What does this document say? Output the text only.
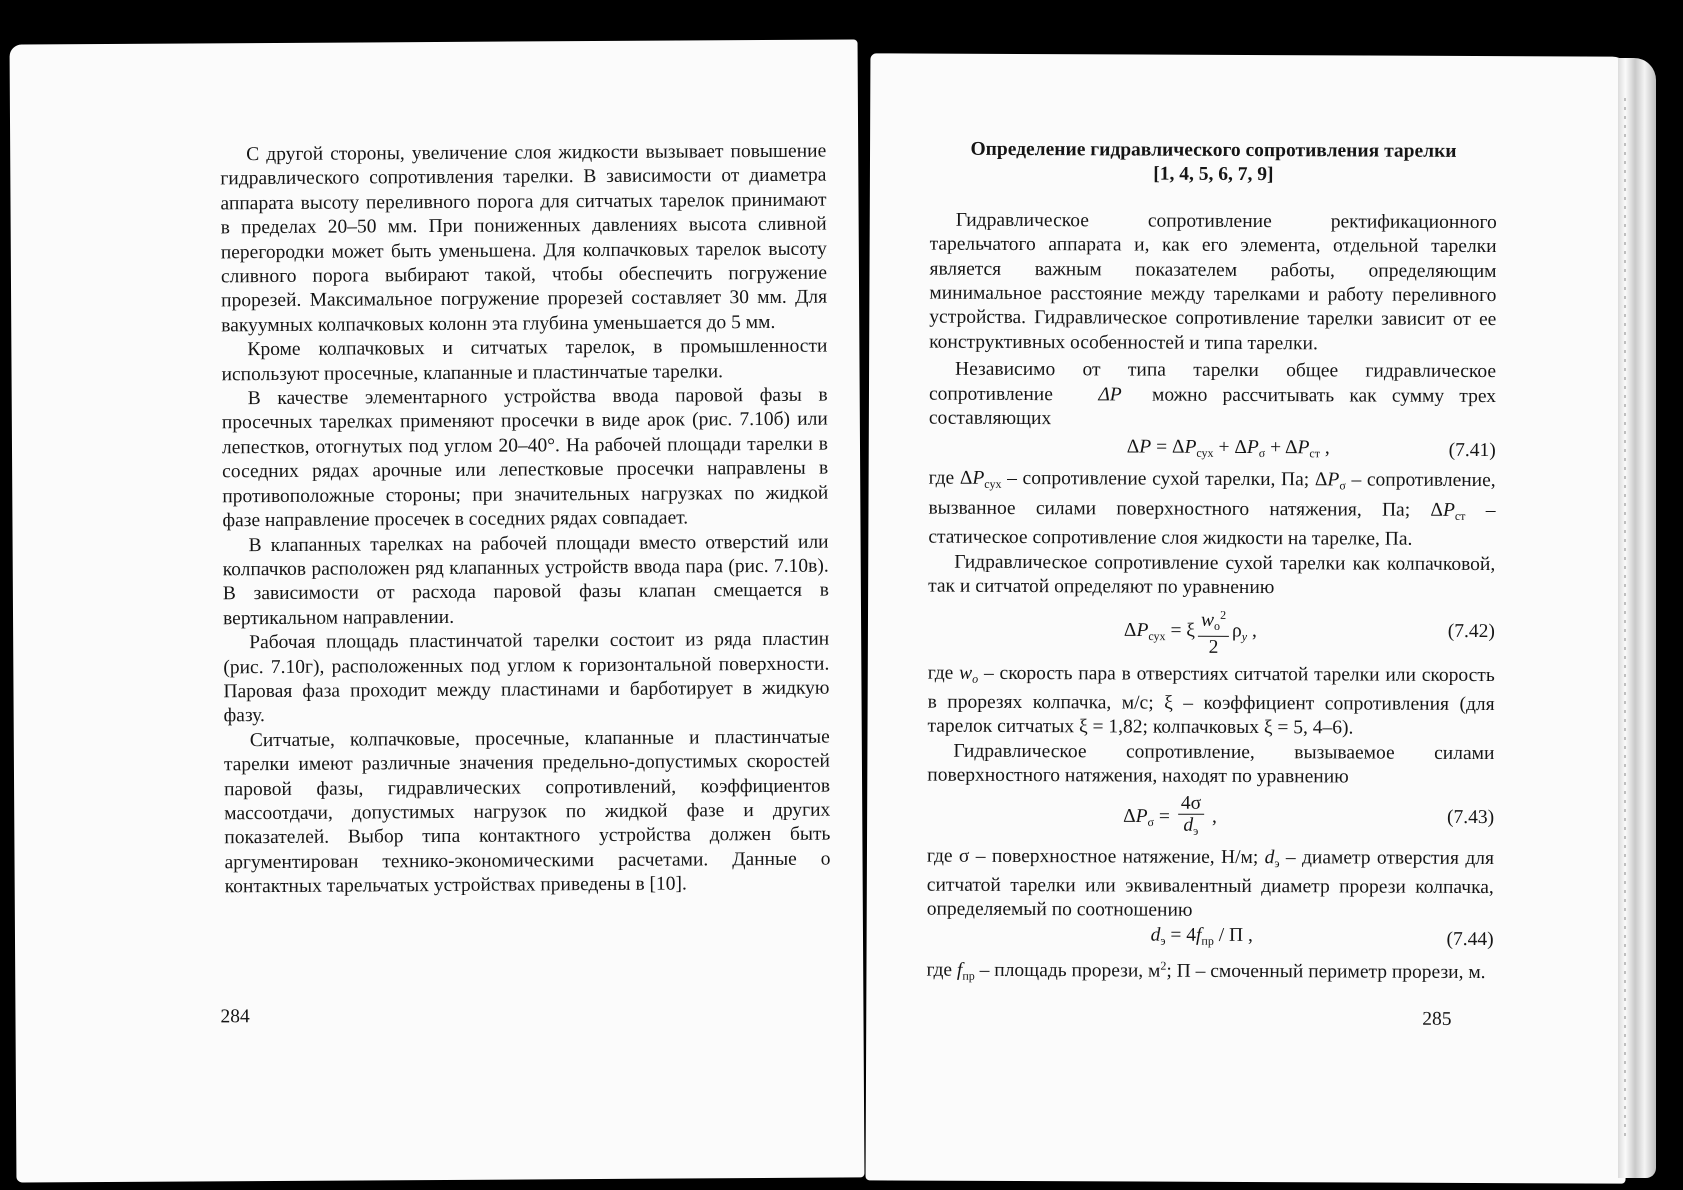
С другой стороны, увеличение слоя жидкости вызывает повышение гидравлического сопротивления тарелки. В зависимости от диаметра аппарата высоту переливного порога для ситчатых тарелок принимают в пределах 20–50 мм. При пониженных давлениях высота сливной перегородки может быть уменьшена. Для колпачковых тарелок высоту сливного порога выбирают такой, чтобы обеспечить погружение прорезей. Максимальное погружение прорезей составляет 30 мм. Для вакуумных колпачковых колонн эта глубина уменьшается до 5 мм.

Кроме колпачковых и ситчатых тарелок, в промышленности используют просечные, клапанные и пластинчатые тарелки.

В качестве элементарного устройства ввода паровой фазы в просечных тарелках применяют просечки в виде арок (рис. 7.10б) или лепестков, отогнутых под углом 20–40°. На рабочей площади тарелки в соседних рядах арочные или лепестковые просечки направлены в противоположные стороны; при значительных нагрузках по жидкой фазе направление просечек в соседних рядах совпадает.

В клапанных тарелках на рабочей площади вместо отверстий или колпачков расположен ряд клапанных устройств ввода пара (рис. 7.10в). В зависимости от расхода паровой фазы клапан смещается в вертикальном направлении.

Рабочая площадь пластинчатой тарелки состоит из ряда пластин (рис. 7.10г), расположенных под углом к горизонтальной поверхности. Паровая фаза проходит между пластинами и барботирует в жидкую фазу.

Ситчатые, колпачковые, просечные, клапанные и пластинчатые тарелки имеют различные значения предельно-допустимых скоростей паровой фазы, гидравлических сопротивлений, коэффициентов массоотдачи, допустимых нагрузок по жидкой фазе и других показателей. Выбор типа контактного устройства должен быть аргументирован технико-экономическими расчетами. Данные о контактных тарельчатых устройствах приведены в [10].

284
Определение гидравлического сопротивления тарелки
[1, 4, 5, 6, 7, 9]

Гидравлическое сопротивление ректификационного тарельчатого аппарата и, как его элемента, отдельной тарелки является важным показателем работы, определяющим минимальное расстояние между тарелками и работу переливного устройства. Гидравлическое сопротивление тарелки зависит от ее конструктивных особенностей и типа тарелки.

Независимо от типа тарелки общее гидравлическое сопротивление   ΔP  можно рассчитывать как сумму трех составляющих

$\Delta P = \Delta P_{сух} + \Delta P_\sigma + \Delta P_{ст}$ ,	(7.41)

где $\Delta P_{сух}$ – сопротивление сухой тарелки, Па; $\Delta P_\sigma$ – сопротивление, вызванное силами поверхностного натяжения, Па; $\Delta P_{ст}$ – статическое сопротивление слоя жидкости на тарелке, Па.

Гидравлическое сопротивление сухой тарелки как колпачковой, так и ситчатой определяют по уравнению

$\Delta P_{сух} = \xi \frac{w_o^2}{2} \rho_y$ ,	(7.42)

где $w_o$ – скорость пара в отверстиях ситчатой тарелки или скорость в прорезях колпачка, м/с; ξ – коэффициент сопротивления (для тарелок ситчатых ξ = 1,82; колпачковых ξ = 5, 4–6).

Гидравлическое сопротивление, вызываемое силами поверхностного натяжения, находят по уравнению

$\Delta P_\sigma = \frac{4\sigma}{d_э}$ ,	(7.43)

где σ – поверхностное натяжение, Н/м; $d_э$ – диаметр отверстия для ситчатой тарелки или эквивалентный диаметр прорези колпачка, определяемый по соотношению

$d_э = 4f_{пр} / П$ ,	(7.44)

где $f_{пр}$ – площадь прорези, $м^2$; П – смоченный периметр прорези, м.

285
